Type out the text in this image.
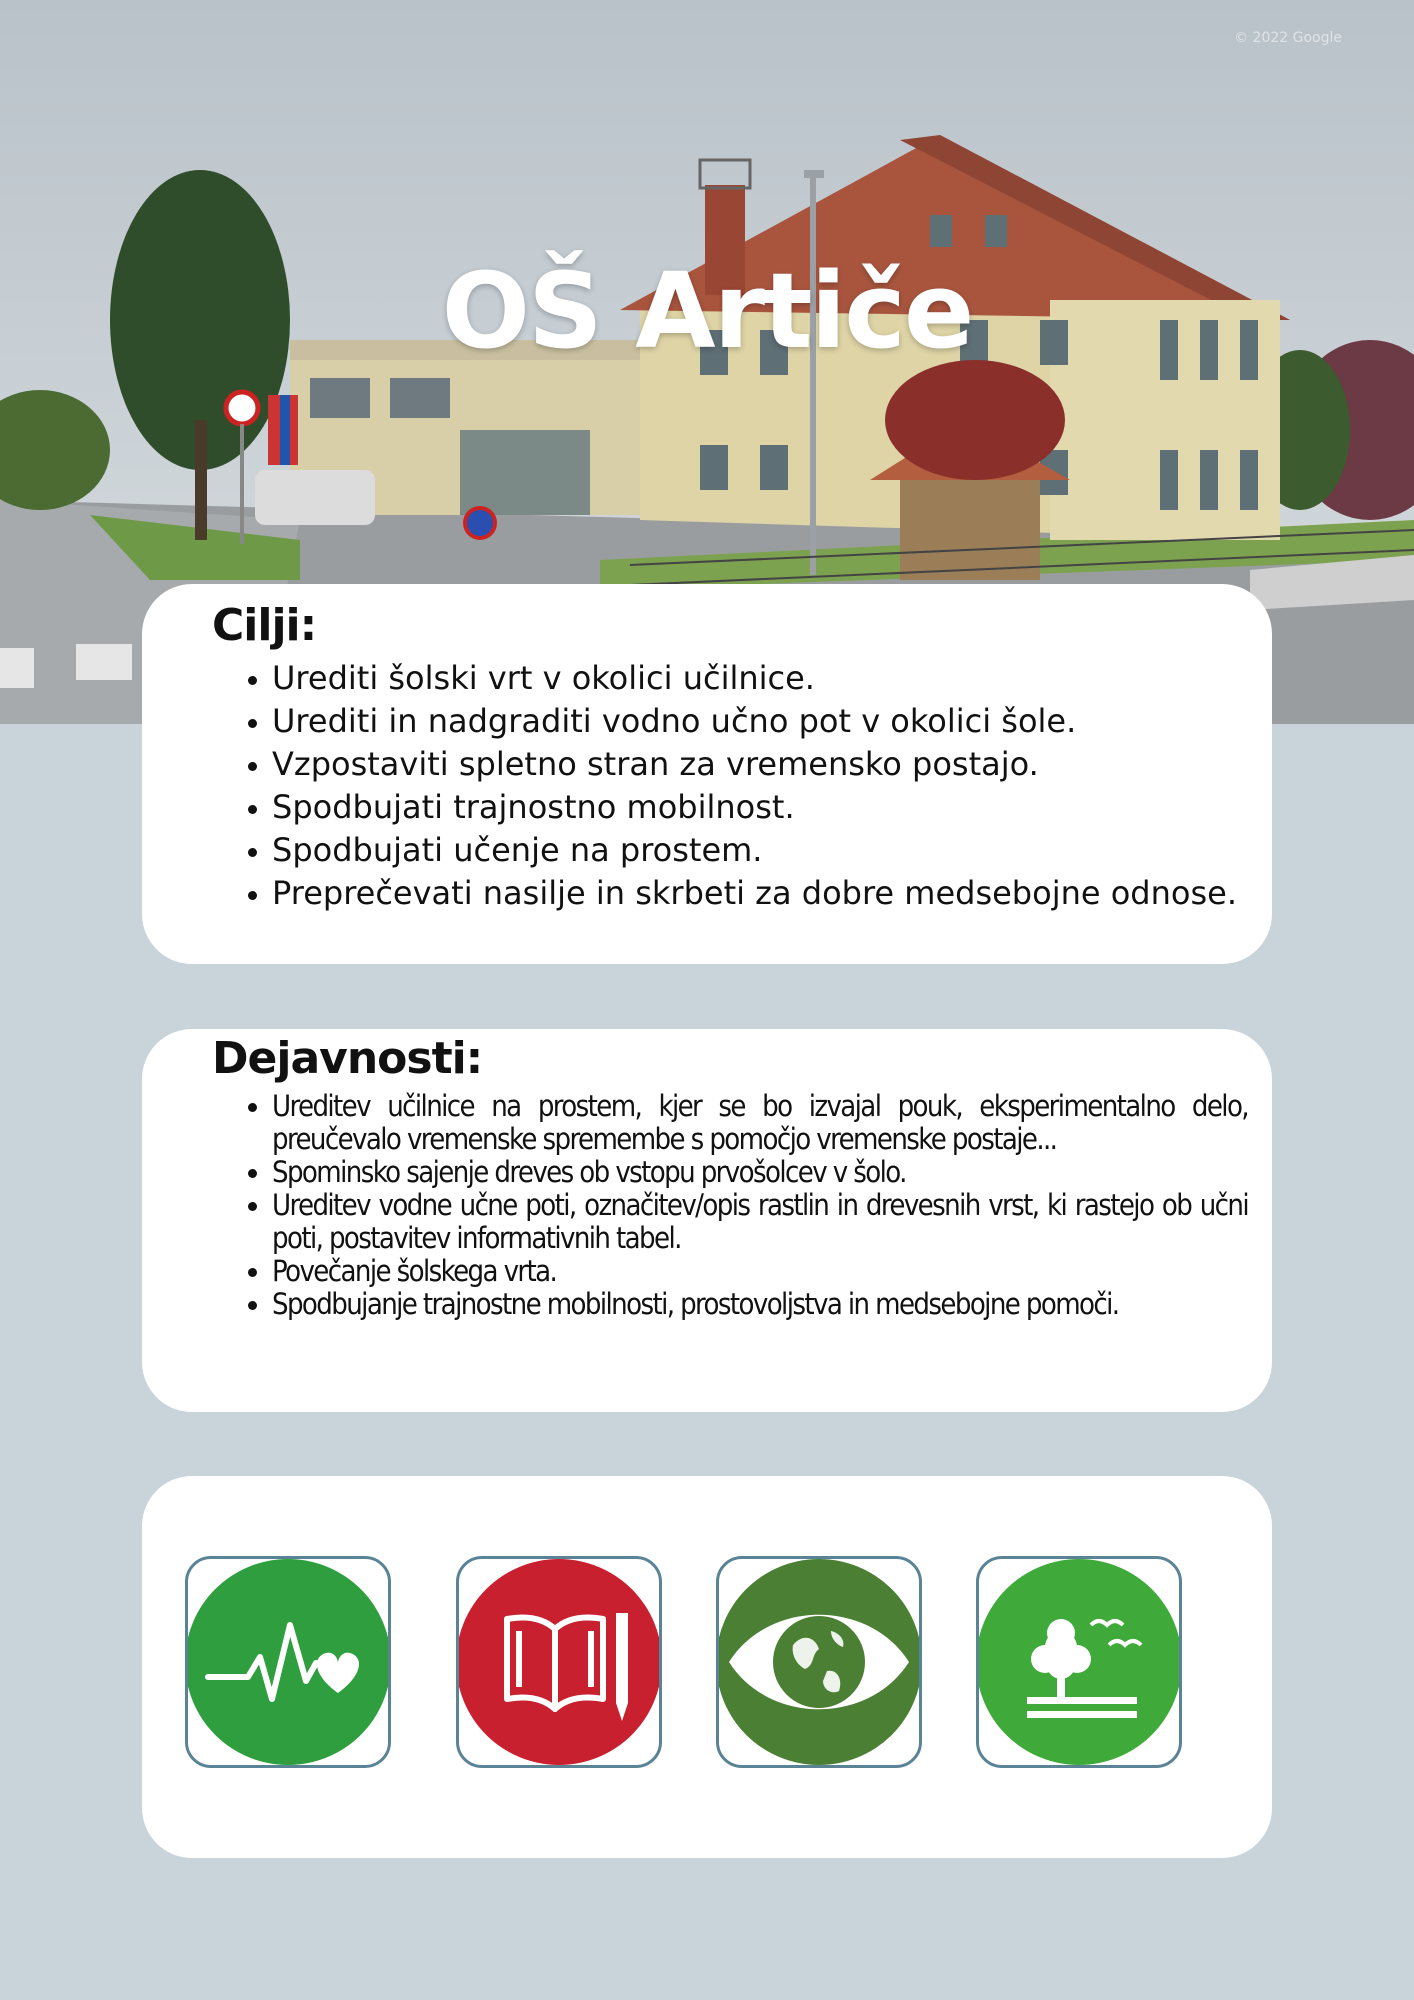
© 2022 Google
OŠ Artiče
Cilji:
• Urediti šolski vrt v okolici učilnice.
• Urediti in nadgraditi vodno učno pot v okolici šole.
• Vzpostaviti spletno stran za vremensko postajo.
• Spodbujati trajnostno mobilnost.
• Spodbujati učenje na prostem.
• Preprečevati nasilje in skrbeti za dobre medsebojne odnose.
Dejavnosti:
• Ureditev učilnice na prostem, kjer se bo izvajal pouk, eksperimentalno delo, preučevalo vremenske spremembe s pomočjo vremenske postaje...
• Spominsko sajenje dreves ob vstopu prvošolcev v šolo.
• Ureditev vodne učne poti, označitev/opis rastlin in drevesnih vrst, ki rastejo ob učni poti, postavitev informativnih tabel.
• Povečanje šolskega vrta.
• Spodbujanje trajnostne mobilnosti, prostovoljstva in medsebojne pomoči.
